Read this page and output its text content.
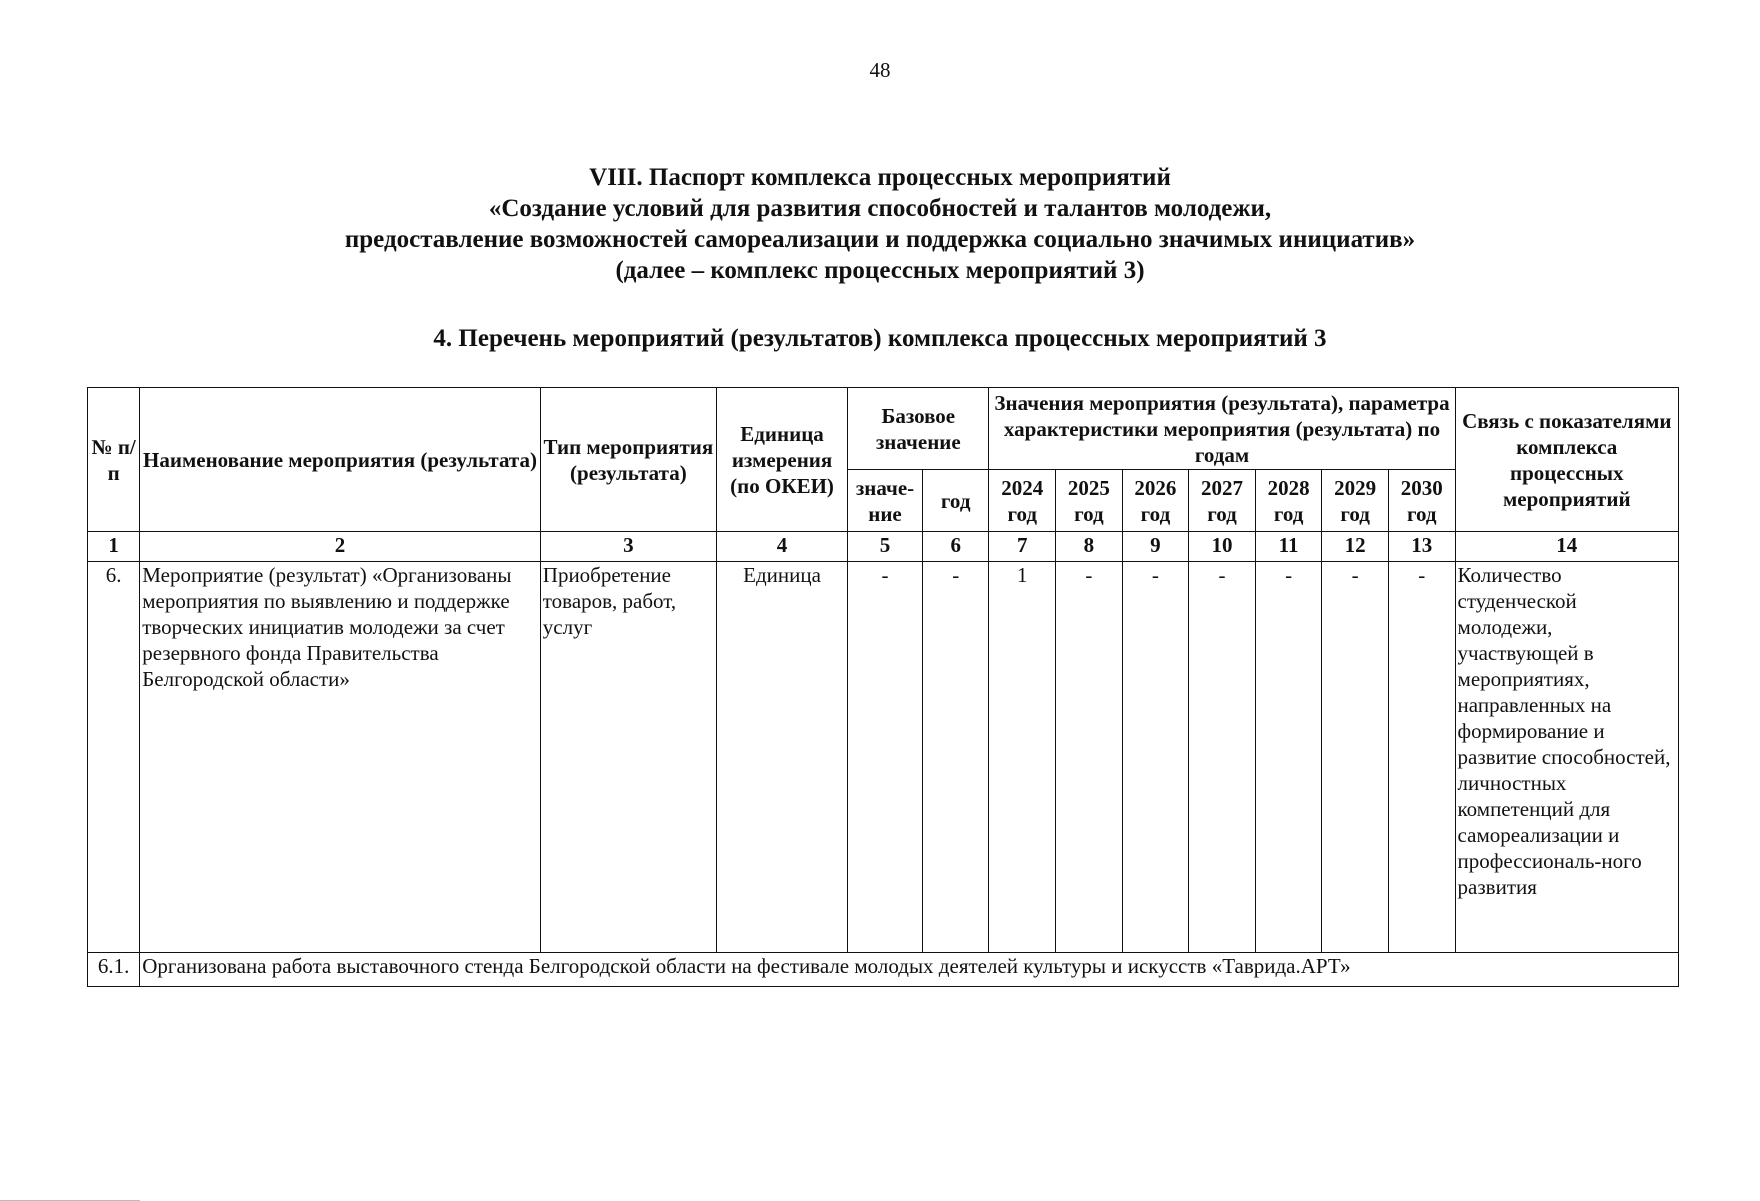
48
VIII. Паспорт комплекса процессных мероприятий
«Создание условий для развития способностей и талантов молодежи,
предоставление возможностей самореализации и поддержка социально значимых инициатив»
(далее – комплекс процессных мероприятий 3)
4. Перечень мероприятий (результатов) комплекса процессных мероприятий 3
№ п/п	Наименование мероприятия (результата)	Тип мероприятия (результата)	Единица измерения (по ОКЕИ)	Базовое значение		Значения мероприятия (результата), параметра характеристики мероприятия (результата) по годам							Связь с показателями комплекса процессных мероприятий
				значе-ние	год	2024 год	2025 год	2026 год	2027 год	2028 год	2029 год	2030 год	
1	2	3	4	5	6	7	8	9	10	11	12	13	14
6.	Мероприятие (результат) «Организованы мероприятия по выявлению и поддержке творческих инициатив молодежи за счет резервного фонда Правительства Белгородской области»	Приобретение товаров, работ, услуг	Единица	-	-	1	-	-	-	-	-	-	Количество студенческой молодежи, участвующей в мероприятиях, направленных на формирование и развитие способностей, личностных компетенций для самореализации и профессиональ-ного развития
6.1.	Организована работа выставочного стенда Белгородской области на фестивале молодых деятелей культуры и искусств «Таврида.АРТ»												
